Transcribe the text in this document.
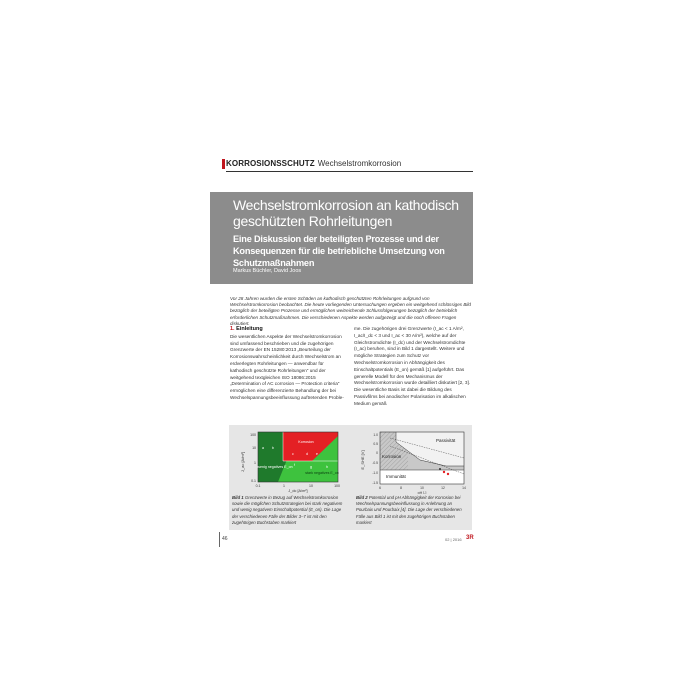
KORROSIONSSCHUTZ Wechselstromkorrosion
Wechselstromkorrosion an kathodisch geschützten Rohrleitungen
Eine Diskussion der beteiligten Prozesse und der Konsequenzen für die betriebliche Umsetzung von Schutzmaßnahmen
Markus Büchler, David Joos
Vor 28 Jahren wurden die ersten Schäden an kathodisch geschützten Rohrleitungen aufgrund von Wechselstromkorrosion beobachtet. Die heute vorliegenden Untersuchungen ergeben ein weitgehend schlüssiges Bild bezüglich der beteiligten Prozesse und ermöglichen weitreichende Schlussfolgerungen bezüglich der betrieblich erforderlichen Schutzmaßnahmen. Die verschiedenen Aspekte werden aufgezeigt und die noch offenen Fragen diskutiert.
1. Einleitung
Die wesentlichen Aspekte der Wechselstromkorrosion sind umfassend beschrieben und die zugehörigen Grenzwerte der EN 15280:2013 „Beurteilung der Korrosionswahrscheinlichkeit durch Wechselstrom an erdverlegten Rohrleitungen — anwendbar für kathodisch geschützte Rohrleitungen“ und der weitgehend textgleichen ISO 18086:2015 „Determination of AC corrosion — Protection criteria“ ermöglichen eine differenzierte Behandlung der bei Wechselspannungsbeeinflussung auftretenden Proble-
me. Die zugehörigen drei Grenzwerte (I_ac < 1 A/m², I_ac/I_dc < 3 und I_ac < 30 A/m²), welche auf der Gleichstromdichte (I_dc) und der Wechselstromdichte (I_ac) beruhen, sind in Bild 1 dargestellt. Weitere und mögliche Strategien zum Schutz vor Wechselstromkorrosion in Abhängigkeit des Einschaltpotentials (E_on) gemäß [1] aufgeführt. Das generelle Modell für den Mechanismus der Wechselstromkorrosion wurde detailliert diskutiert [2, 3]. Die wesentliche Basis ist dabei die Bildung des Passivfilms bei anodischer Polarisation im alkalischen Medium gemäß
J_ac [A/m²]
Korrosion
wenig negatives E_on
stark negatives E_on
a b
c	d e
f	g	h
100
10
1
0.1
0.1	1	10	100
J_dc [A/m²]
E_SHE [V]
Passivität
Korrosion
Immunität
1.0
0.5
0
-0.5
-1.0
-1.5
6	8	10	12	14
pH [-]
Bild 1 Grenzwerte in Bezug auf Wechselstromkorrosion sowie die möglichen Schutzstrategien bei stark negativem und wenig negativem Einschaltpotential (E_on). Die Lage der verschiedenen Fälle der Bilder 3–7 ist mit den zugehörigen Buchstaben markiert
Bild 2 Potential und pH Abhängigkeit der Korrosion bei Wechselspannungsbeeinflussung in Anlehnung an Pourbaix und Pourbaix [4]. Die Lage der verschiedenen Fälle aus Bild 1 ist mit den zugehörigen Buchstaben markiert
46	02 | 2016 3R
